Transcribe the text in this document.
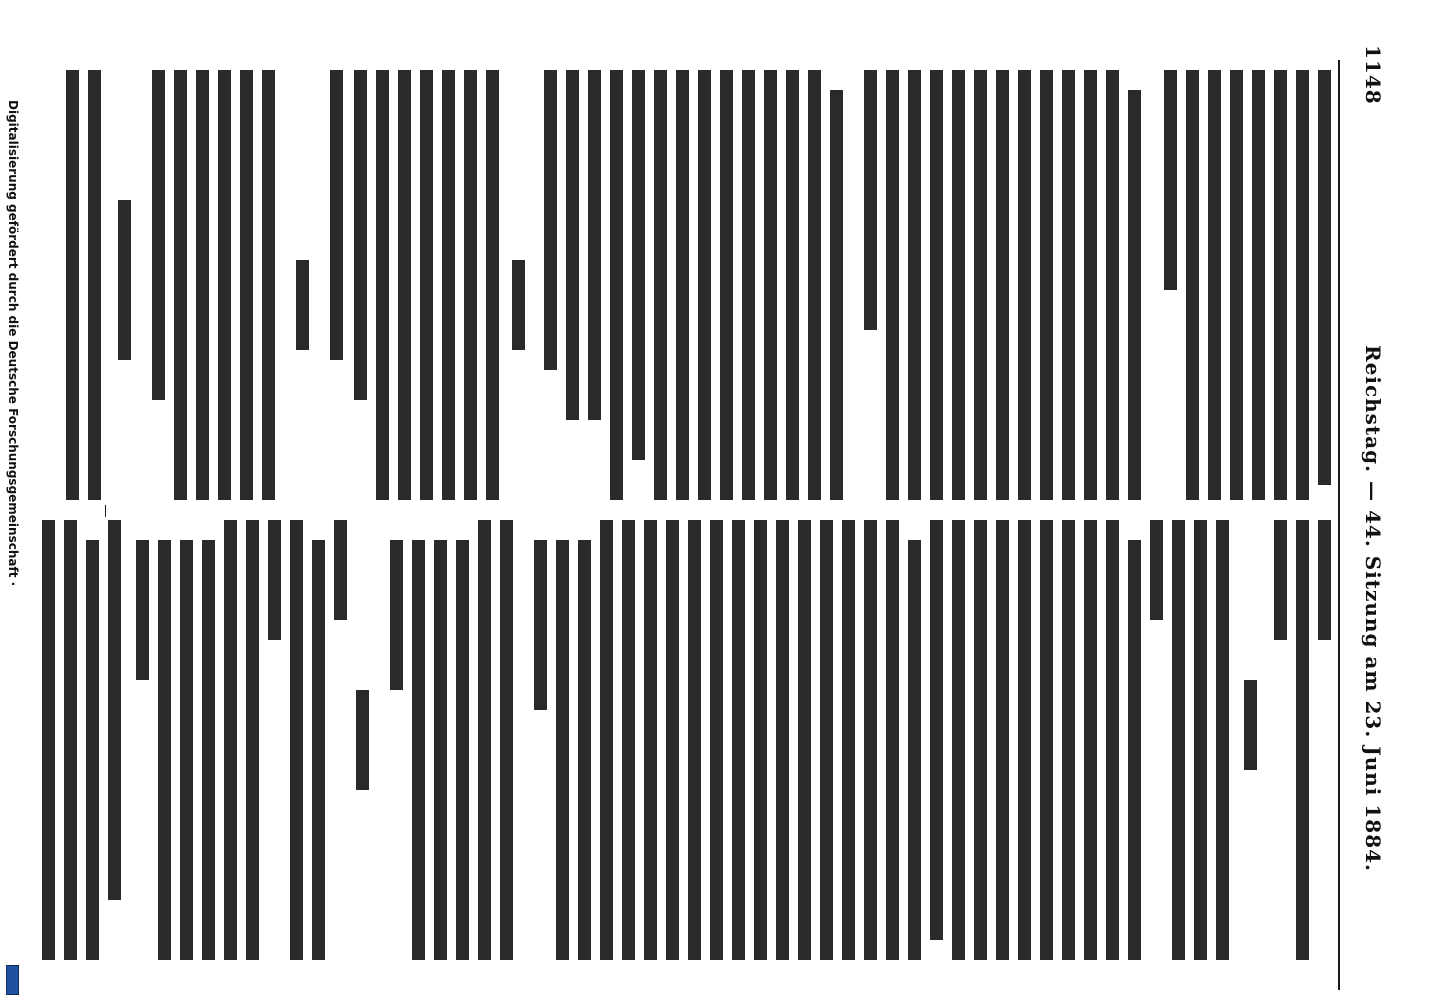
1148
Reichstag. — 44. Sitzung am 23. Juni 1884.
Digitalisierung gefördert durch die Deutsche Forschungsgemeinschaft ·
